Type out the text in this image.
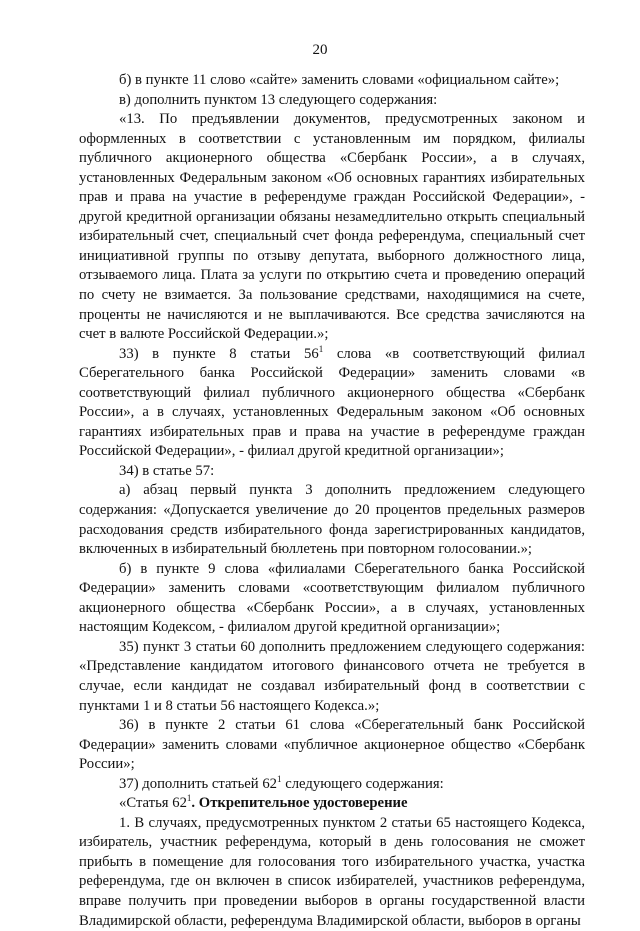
20

б) в пункте 11 слово «сайте» заменить словами «официальном сайте»;

в) дополнить пунктом 13 следующего содержания:

«13. По предъявлении документов, предусмотренных законом и оформленных в соответствии с установленным им порядком, филиалы публичного акционерного общества «Сбербанк России», а в случаях, установленных Федеральным законом «Об основных гарантиях избирательных прав и права на участие в референдуме граждан Российской Федерации», - другой кредитной организации обязаны незамедлительно открыть специальный избирательный счет, специальный счет фонда референдума, специальный счет инициативной группы по отзыву депутата, выборного должностного лица, отзываемого лица. Плата за услуги по открытию счета и проведению операций по счету не взимается. За пользование средствами, находящимися на счете, проценты не начисляются и не выплачиваются. Все средства зачисляются на счет в валюте Российской Федерации.»;

33) в пункте 8 статьи $56^1$ слова «в соответствующий филиал Сберегательного банка Российской Федерации» заменить словами «в соответствующий филиал публичного акционерного общества «Сбербанк России», а в случаях, установленных Федеральным законом «Об основных гарантиях избирательных прав и права на участие в референдуме граждан Российской Федерации», - филиал другой кредитной организации»;

34) в статье 57:

а) абзац первый пункта 3 дополнить предложением следующего содержания: «Допускается увеличение до 20 процентов предельных размеров расходования средств избирательного фонда зарегистрированных кандидатов, включенных в избирательный бюллетень при повторном голосовании.»;

б) в пункте 9 слова «филиалами Сберегательного банка Российской Федерации» заменить словами «соответствующим филиалом публичного акционерного общества «Сбербанк России», а в случаях, установленных настоящим Кодексом, - филиалом другой кредитной организации»;

35) пункт 3 статьи 60 дополнить предложением следующего содержания: «Представление кандидатом итогового финансового отчета не требуется в случае, если кандидат не создавал избирательный фонд в соответствии с пунктами 1 и 8 статьи 56 настоящего Кодекса.»;

36) в пункте 2 статьи 61 слова «Сберегательный банк Российской Федерации» заменить словами «публичное акционерное общество «Сбербанк России»;

37) дополнить статьей $62^1$ следующего содержания:

«Статья $62^1$. Открепительное удостоверение

1. В случаях, предусмотренных пунктом 2 статьи 65 настоящего Кодекса, избиратель, участник референдума, который в день голосования не сможет прибыть в помещение для голосования того избирательного участка, участка референдума, где он включен в список избирателей, участников референдума, вправе получить при проведении выборов в органы государственной власти Владимирской области, референдума Владимирской области, выборов в органы
